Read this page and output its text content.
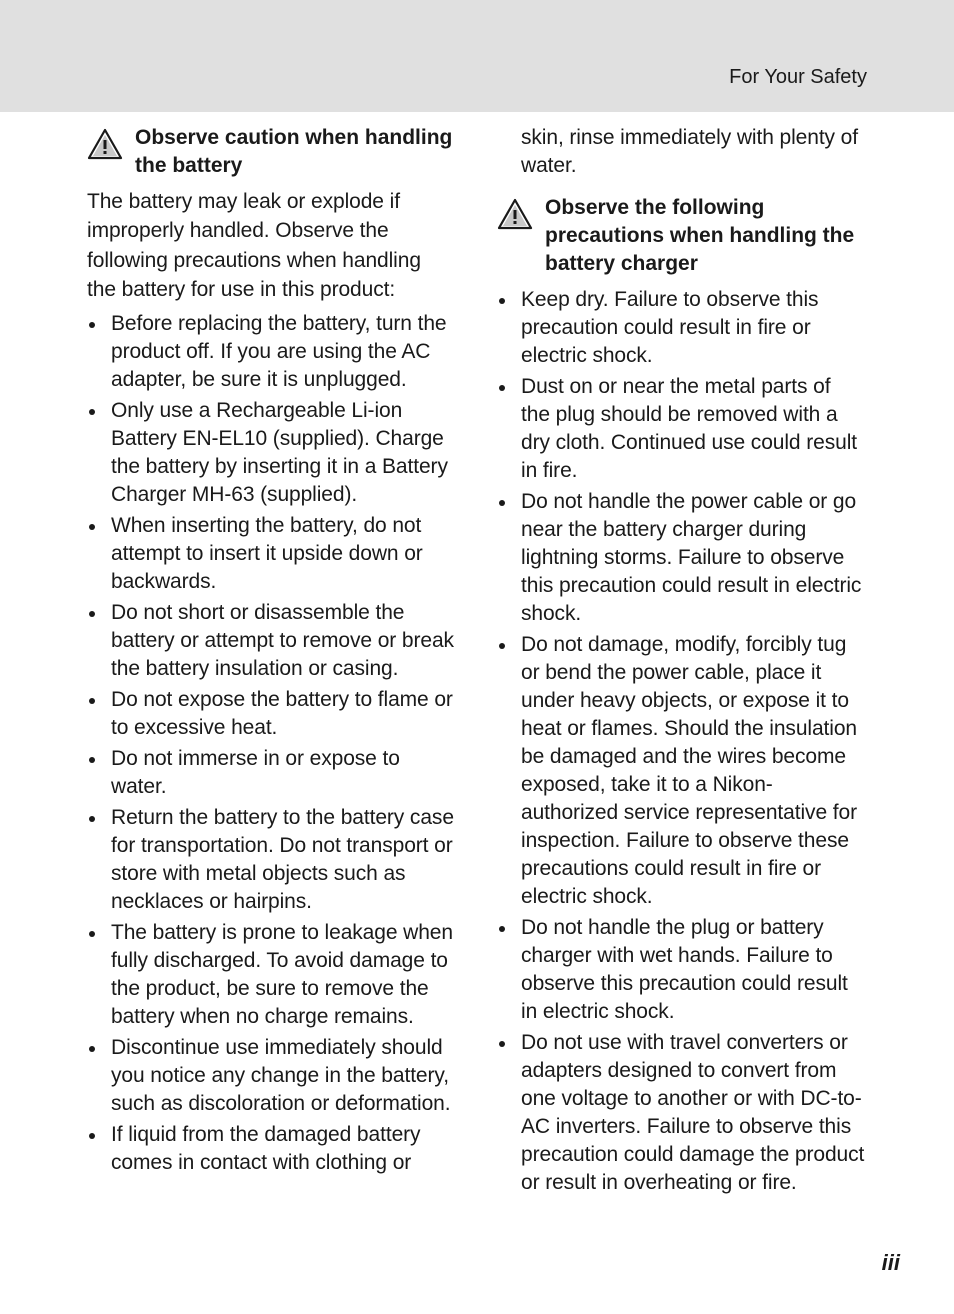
For Your Safety
Observe caution when handling the battery

The battery may leak or explode if improperly handled. Observe the following precautions when handling the battery for use in this product:

Before replacing the battery, turn the product off. If you are using the AC adapter, be sure it is unplugged.
Only use a Rechargeable Li-ion Battery EN-EL10 (supplied). Charge the battery by inserting it in a Battery Charger MH-63 (supplied).
When inserting the battery, do not attempt to insert it upside down or backwards.
Do not short or disassemble the battery or attempt to remove or break the battery insulation or casing.
Do not expose the battery to flame or to excessive heat.
Do not immerse in or expose to water.
Return the battery to the battery case for transportation. Do not transport or store with metal objects such as necklaces or hairpins.
The battery is prone to leakage when fully discharged. To avoid damage to the product, be sure to remove the battery when no charge remains.
Discontinue use immediately should you notice any change in the battery, such as discoloration or deformation.
If liquid from the damaged battery comes in contact with clothing or

skin, rinse immediately with plenty of water.

Observe the following precautions when handling the battery charger
Keep dry. Failure to observe this precaution could result in fire or electric shock.
Dust on or near the metal parts of the plug should be removed with a dry cloth. Continued use could result in fire.
Do not handle the power cable or go near the battery charger during lightning storms. Failure to observe this precaution could result in electric shock.
Do not damage, modify, forcibly tug or bend the power cable, place it under heavy objects, or expose it to heat or flames. Should the insulation be damaged and the wires become exposed, take it to a Nikon-authorized service representative for inspection. Failure to observe these precautions could result in fire or electric shock.
Do not handle the plug or battery charger with wet hands. Failure to observe this precaution could result in electric shock.
Do not use with travel converters or adapters designed to convert from one voltage to another or with DC-to-AC inverters. Failure to observe this precaution could damage the product or result in overheating or fire.
iii
